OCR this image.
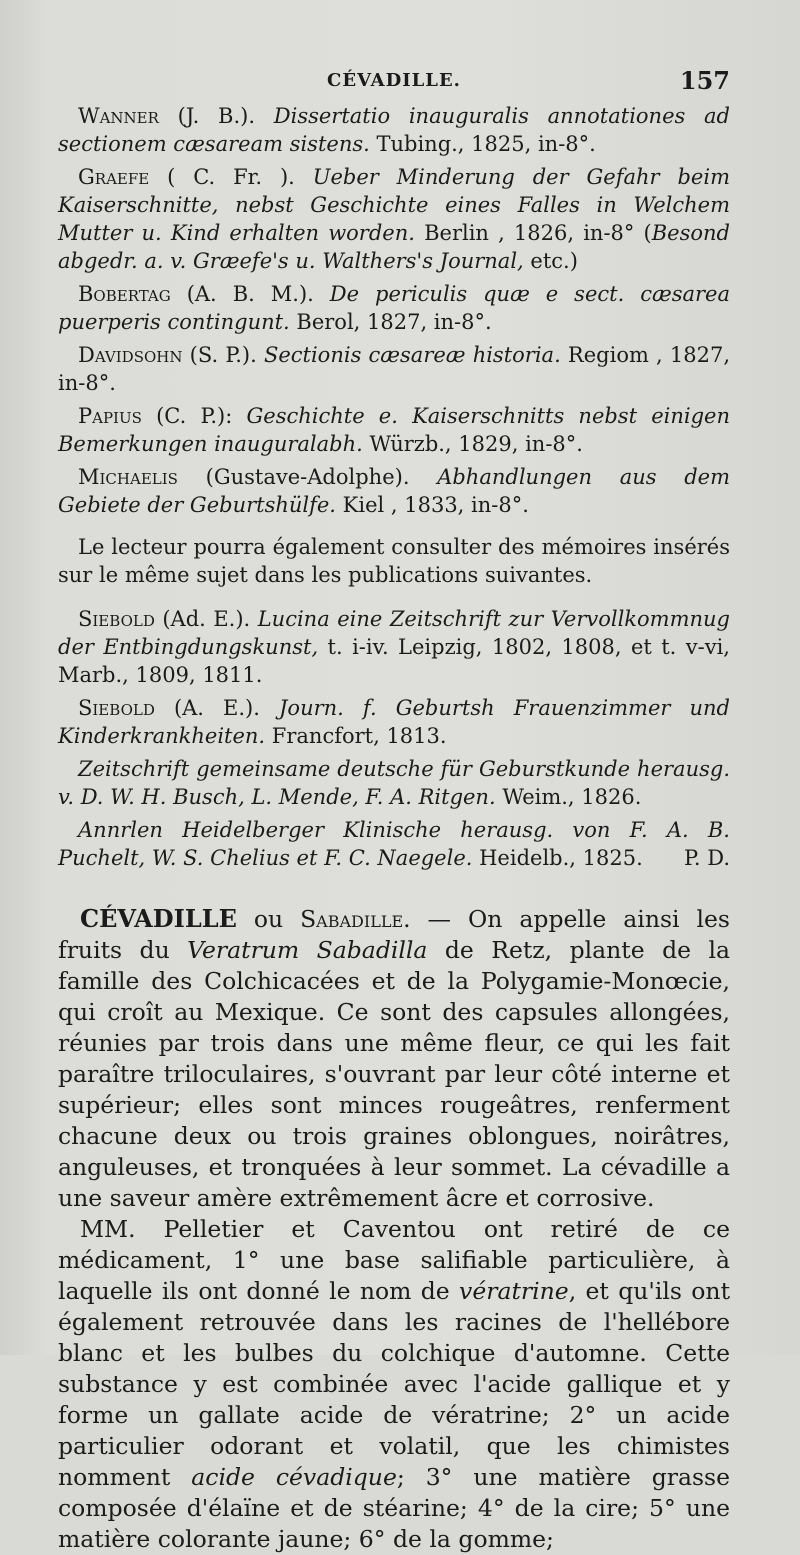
CÉVADILLE.	157

Wanner (J. B.). Dissertatio inauguralis annotationes ad sectionem cæsaream sistens. Tubing., 1825, in-8°.

Graefe ( C. Fr. ). Ueber Minderung der Gefahr beim Kaiserschnitte, nebst Geschichte eines Falles in Welchem Mutter u. Kind erhalten worden. Berlin , 1826, in-8° (Besond abgedr. a. v. Græefe's u. Walthers's Journal, etc.)

Bobertag (A. B. M.). De periculis quæ e sect. cæsarea puerperis contingunt. Berol, 1827, in-8°.

Davidsohn (S. P.). Sectionis cæsareæ historia. Regiom , 1827, in-8°.

Papius (C. P.): Geschichte e. Kaiserschnitts nebst einigen Bemerkungen inauguralabh. Würzb., 1829, in-8°.

Michaelis (Gustave-Adolphe). Abhandlungen aus dem Gebiete der Geburtshülfe. Kiel , 1833, in-8°.

Le lecteur pourra également consulter des mémoires insérés sur le même sujet dans les publications suivantes.

Siebold (Ad. E.). Lucina eine Zeitschrift zur Vervollkommnug der Entbingdungskunst, t. i-iv. Leipzig, 1802, 1808, et t. v-vi, Marb., 1809, 1811.

Siebold (A. E.). Journ. f. Geburtsh Frauenzimmer und Kinderkrankheiten. Francfort, 1813.

Zeitschrift gemeinsame deutsche für Geburstkunde herausg. v. D. W. H. Busch, L. Mende, F. A. Ritgen. Weim., 1826.

Annrlen Heidelberger Klinische herausg. von F. A. B. Puchelt, W. S. Chelius et F. C. Naegele. Heidelb., 1825.	P. D.

CÉVADILLE ou Sabadille. — On appelle ainsi les fruits du Veratrum Sabadilla de Retz, plante de la famille des Colchicacées et de la Polygamie-Monœcie, qui croît au Mexique. Ce sont des capsules allongées, réunies par trois dans une même fleur, ce qui les fait paraître triloculaires, s'ouvrant par leur côté interne et supérieur; elles sont minces rougeâtres, renferment chacune deux ou trois graines oblongues, noirâtres, anguleuses, et tronquées à leur sommet. La cévadille a une saveur amère extrêmement âcre et corrosive.

MM. Pelletier et Caventou ont retiré de ce médicament, 1° une base salifiable particulière, à laquelle ils ont donné le nom de vératrine, et qu'ils ont également retrouvée dans les racines de l'hellébore blanc et les bulbes du colchique d'automne. Cette substance y est combinée avec l'acide gallique et y forme un gallate acide de vératrine; 2° un acide particulier odorant et volatil, que les chimistes nomment acide cévadique; 3° une matière grasse composée d'élaïne et de stéarine; 4° de la cire; 5° une matière colorante jaune; 6° de la gomme;
